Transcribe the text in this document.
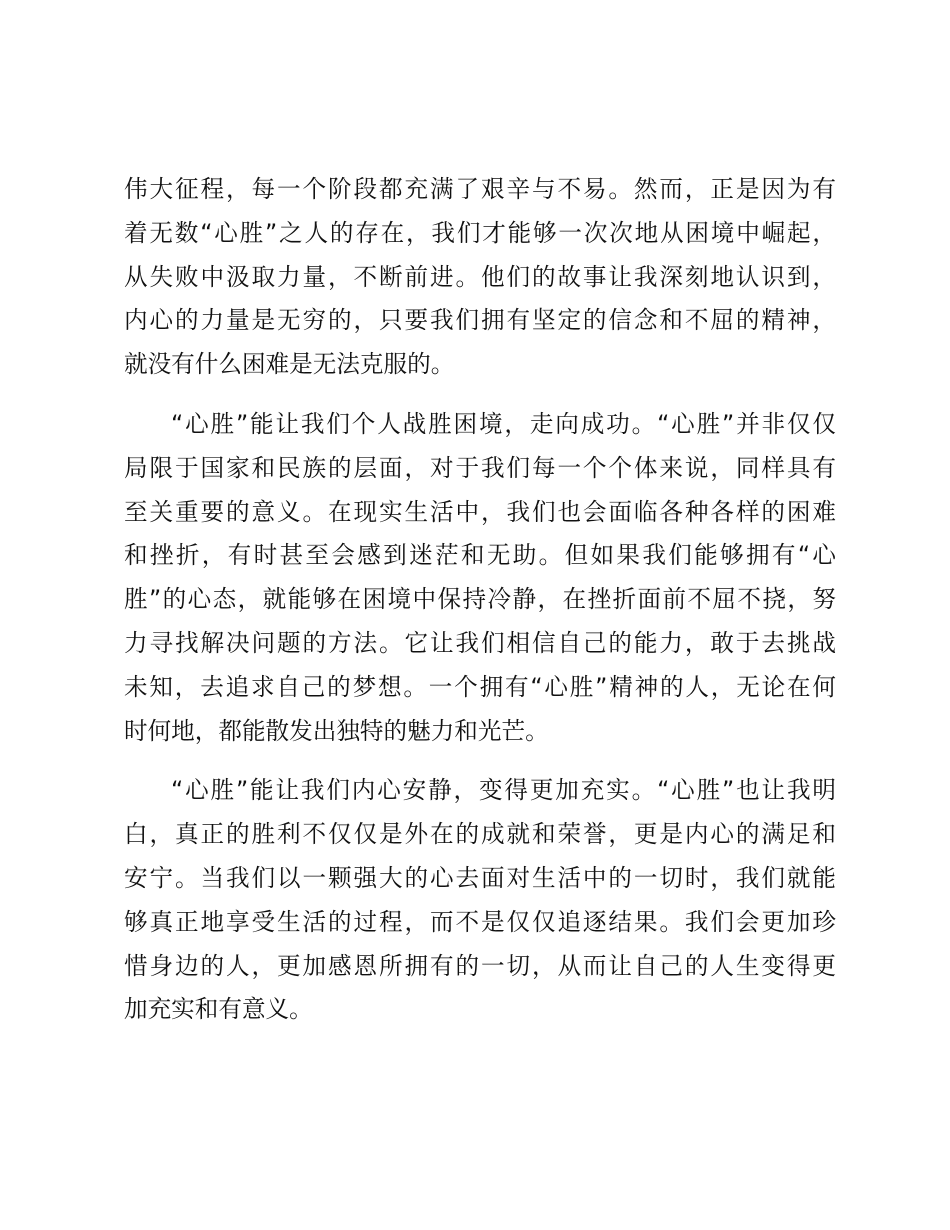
伟大征程，每一个阶段都充满了艰辛与不易。然而，正是因为有
着无数“心胜”之人的存在，我们才能够一次次地从困境中崛起，
从失败中汲取力量，不断前进。他们的故事让我深刻地认识到，
内心的力量是无穷的，只要我们拥有坚定的信念和不屈的精神，
就没有什么困难是无法克服的。
“心胜”能让我们个人战胜困境，走向成功。“心胜”并非仅仅
局限于国家和民族的层面，对于我们每一个个体来说，同样具有
至关重要的意义。在现实生活中，我们也会面临各种各样的困难
和挫折，有时甚至会感到迷茫和无助。但如果我们能够拥有“心
胜”的心态，就能够在困境中保持冷静，在挫折面前不屈不挠，努
力寻找解决问题的方法。它让我们相信自己的能力，敢于去挑战
未知，去追求自己的梦想。一个拥有“心胜”精神的人，无论在何
时何地，都能散发出独特的魅力和光芒。
“心胜”能让我们内心安静，变得更加充实。“心胜”也让我明
白，真正的胜利不仅仅是外在的成就和荣誉，更是内心的满足和
安宁。当我们以一颗强大的心去面对生活中的一切时，我们就能
够真正地享受生活的过程，而不是仅仅追逐结果。我们会更加珍
惜身边的人，更加感恩所拥有的一切，从而让自己的人生变得更
加充实和有意义。
